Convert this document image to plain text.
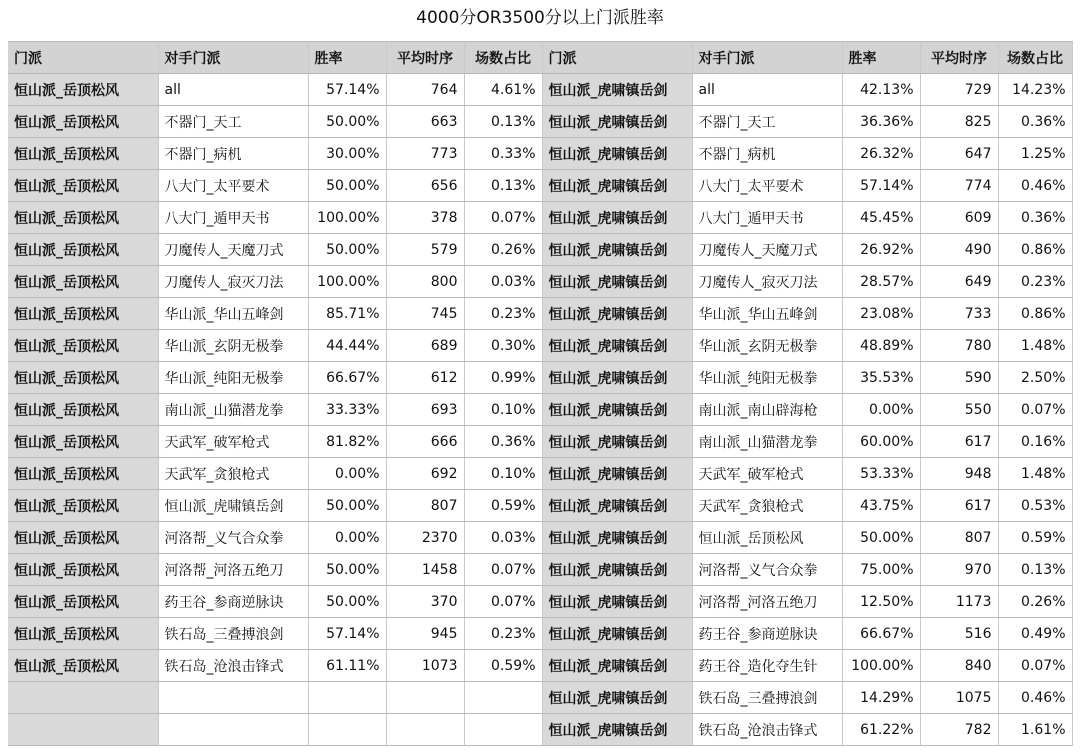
4000分OR3500分以上门派胜率
门派	对手门派	胜率	平均时序	场数占比	门派	对手门派	胜率	平均时序	场数占比
恒山派_岳顶松风	all	57.14%	764	4.61%	恒山派_虎啸镇岳剑	all	42.13%	729	14.23%
恒山派_岳顶松风	不器门_天工	50.00%	663	0.13%	恒山派_虎啸镇岳剑	不器门_天工	36.36%	825	0.36%
恒山派_岳顶松风	不器门_病机	30.00%	773	0.33%	恒山派_虎啸镇岳剑	不器门_病机	26.32%	647	1.25%
恒山派_岳顶松风	八大门_太平要术	50.00%	656	0.13%	恒山派_虎啸镇岳剑	八大门_太平要术	57.14%	774	0.46%
恒山派_岳顶松风	八大门_遁甲天书	100.00%	378	0.07%	恒山派_虎啸镇岳剑	八大门_遁甲天书	45.45%	609	0.36%
恒山派_岳顶松风	刀魔传人_天魔刀式	50.00%	579	0.26%	恒山派_虎啸镇岳剑	刀魔传人_天魔刀式	26.92%	490	0.86%
恒山派_岳顶松风	刀魔传人_寂灭刀法	100.00%	800	0.03%	恒山派_虎啸镇岳剑	刀魔传人_寂灭刀法	28.57%	649	0.23%
恒山派_岳顶松风	华山派_华山五峰剑	85.71%	745	0.23%	恒山派_虎啸镇岳剑	华山派_华山五峰剑	23.08%	733	0.86%
恒山派_岳顶松风	华山派_玄阴无极拳	44.44%	689	0.30%	恒山派_虎啸镇岳剑	华山派_玄阴无极拳	48.89%	780	1.48%
恒山派_岳顶松风	华山派_纯阳无极拳	66.67%	612	0.99%	恒山派_虎啸镇岳剑	华山派_纯阳无极拳	35.53%	590	2.50%
恒山派_岳顶松风	南山派_山猫潜龙拳	33.33%	693	0.10%	恒山派_虎啸镇岳剑	南山派_南山辟海枪	0.00%	550	0.07%
恒山派_岳顶松风	天武军_破军枪式	81.82%	666	0.36%	恒山派_虎啸镇岳剑	南山派_山猫潜龙拳	60.00%	617	0.16%
恒山派_岳顶松风	天武军_贪狼枪式	0.00%	692	0.10%	恒山派_虎啸镇岳剑	天武军_破军枪式	53.33%	948	1.48%
恒山派_岳顶松风	恒山派_虎啸镇岳剑	50.00%	807	0.59%	恒山派_虎啸镇岳剑	天武军_贪狼枪式	43.75%	617	0.53%
恒山派_岳顶松风	河洛帮_义气合众拳	0.00%	2370	0.03%	恒山派_虎啸镇岳剑	恒山派_岳顶松风	50.00%	807	0.59%
恒山派_岳顶松风	河洛帮_河洛五绝刀	50.00%	1458	0.07%	恒山派_虎啸镇岳剑	河洛帮_义气合众拳	75.00%	970	0.13%
恒山派_岳顶松风	药王谷_参商逆脉诀	50.00%	370	0.07%	恒山派_虎啸镇岳剑	河洛帮_河洛五绝刀	12.50%	1173	0.26%
恒山派_岳顶松风	铁石岛_三叠搏浪剑	57.14%	945	0.23%	恒山派_虎啸镇岳剑	药王谷_参商逆脉诀	66.67%	516	0.49%
恒山派_岳顶松风	铁石岛_沧浪击锋式	61.11%	1073	0.59%	恒山派_虎啸镇岳剑	药王谷_造化夺生针	100.00%	840	0.07%
					恒山派_虎啸镇岳剑	铁石岛_三叠搏浪剑	14.29%	1075	0.46%
					恒山派_虎啸镇岳剑	铁石岛_沧浪击锋式	61.22%	782	1.61%
